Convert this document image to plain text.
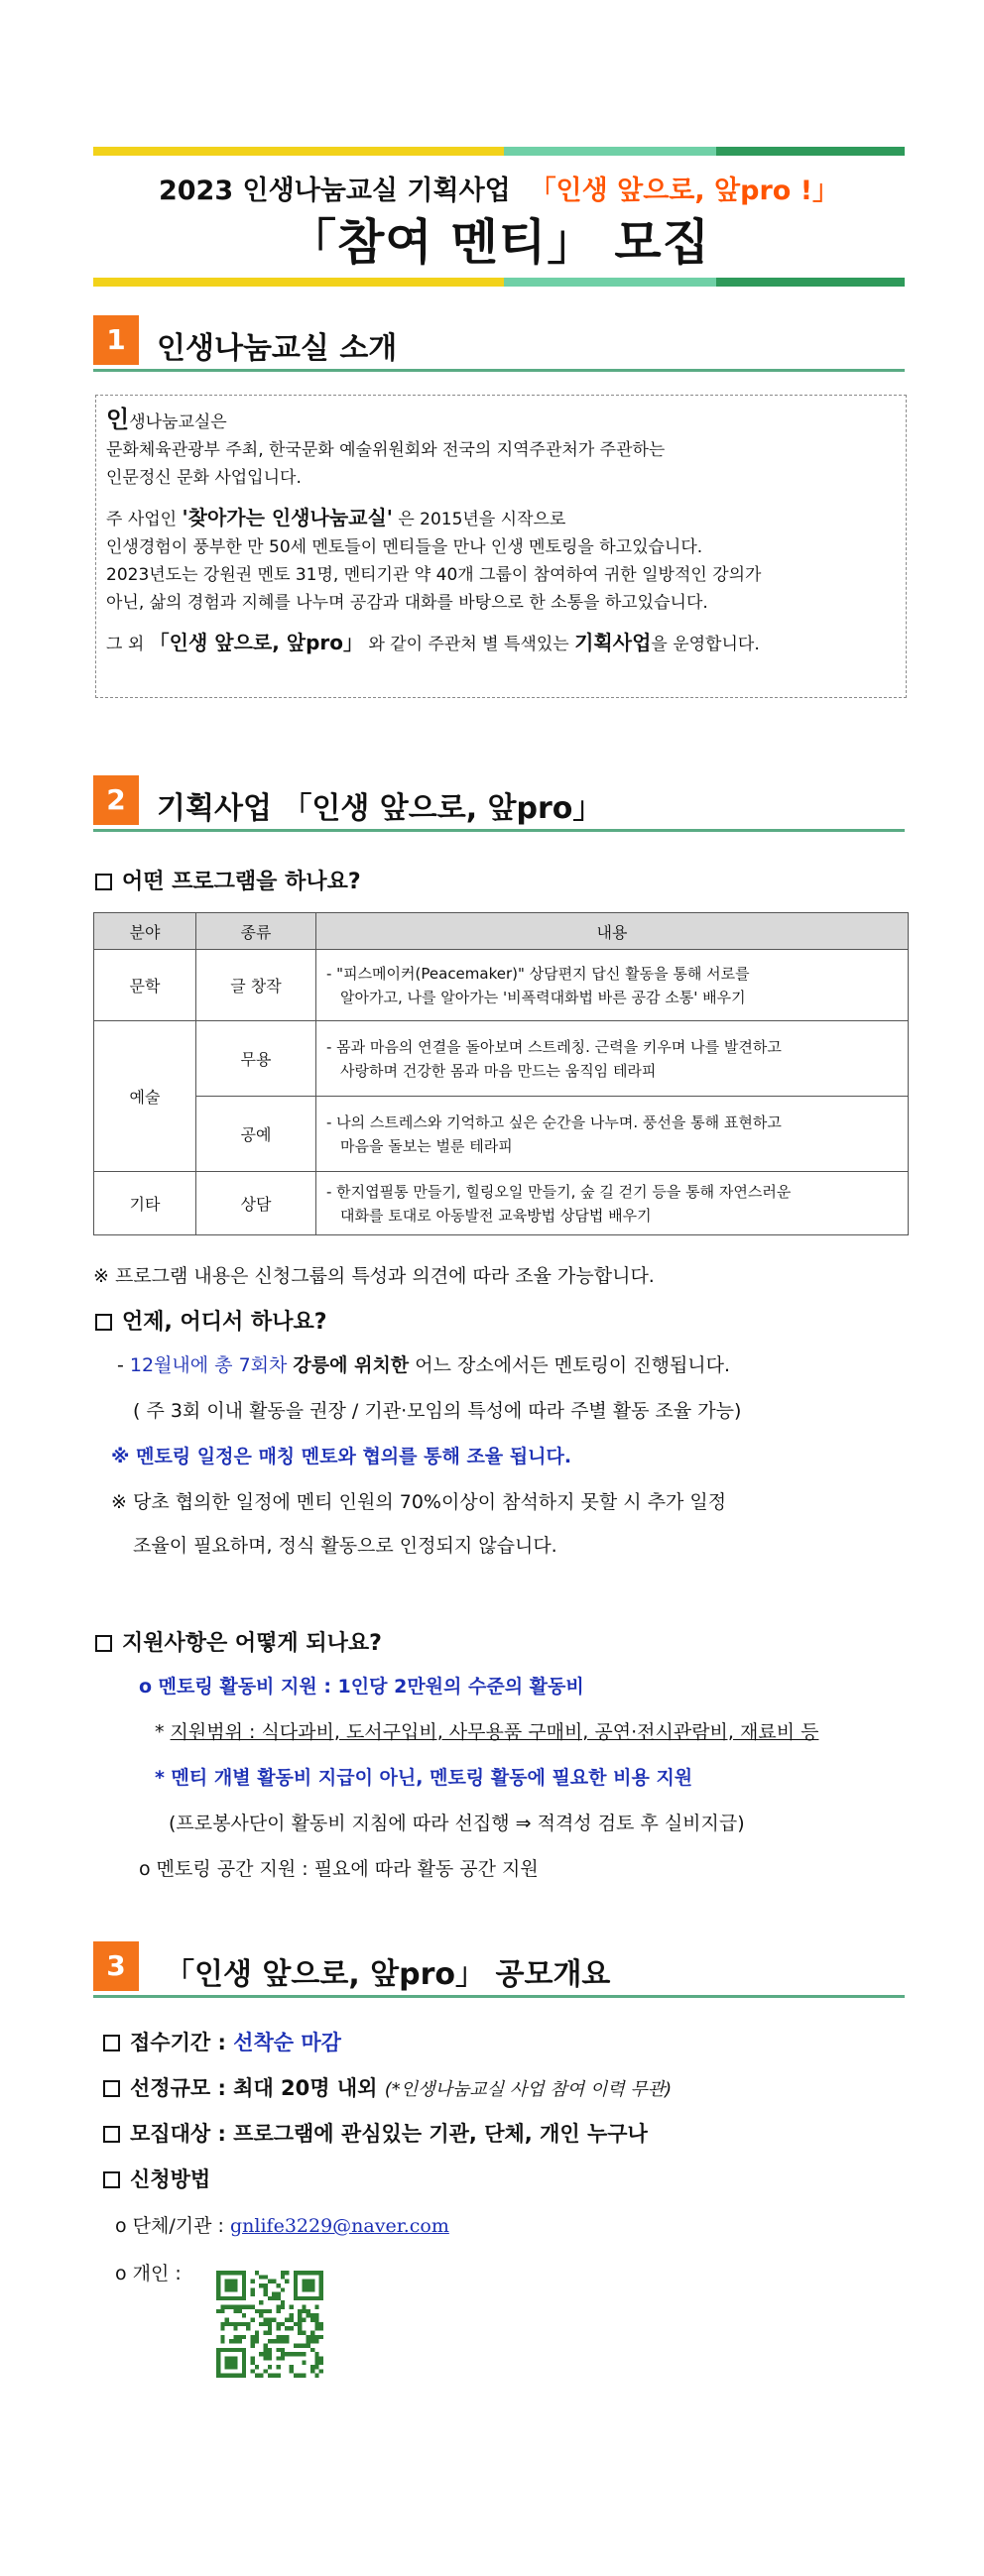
2023 인생나눔교실 기획사업 「인생 앞으로, 앞pro !」
「참여 멘티」 모집
1	인생나눔교실 소개

인생나눔교실은

문화체육관광부 주최, 한국문화 예술위원회와 전국의 지역주관처가 주관하는

인문정신 문화 사업입니다.

주 사업인 '찾아가는 인생나눔교실' 은 2015년을 시작으로

인생경험이 풍부한 만 50세 멘토들이 멘티들을 만나 인생 멘토링을 하고있습니다.

2023년도는 강원권 멘토 31명, 멘티기관 약 40개 그룹이 참여하여 귀한 일방적인 강의가

아닌, 삶의 경험과 지혜를 나누며 공감과 대화를 바탕으로 한 소통을 하고있습니다.

그 외 「인생 앞으로, 앞pro」 와 같이 주관처 별 특색있는 기획사업을 운영합니다.

2	기획사업 「인생 앞으로, 앞pro」
어떤 프로그램을 하나요?
분야	종류	내용
문학	글 창작	- "피스메이커(Peacemaker)" 상담편지 답신 활동을 통해 서로를
알아가고, 나를 알아가는 '비폭력대화법 바른 공감 소통' 배우기

예술	무용	- 몸과 마음의 연결을 돌아보며 스트레칭. 근력을 키우며 나를 발견하고
사랑하며 건강한 몸과 마음 만드는 움직임 테라피

	공예	- 나의 스트레스와 기억하고 싶은 순간을 나누며. 풍선을 통해 표현하고
마음을 돌보는 벌룬 테라피

기타	상담	- 한지엽필통 만들기, 힐링오일 만들기, 숲 길 걷기 등을 통해 자연스러운
대화를 토대로 아동발전 교육방법 상담법 배우기
※ 프로그램 내용은 신청그룹의 특성과 의견에 따라 조율 가능합니다.
언제, 어디서 하나요?
- 12월내에 총 7회차 강릉에 위치한 어느 장소에서든 멘토링이 진행됩니다.
( 주 3회 이내 활동을 권장 / 기관·모임의 특성에 따라 주별 활동 조율 가능)
※ 멘토링 일정은 매칭 멘토와 협의를 통해 조율 됩니다.
※ 당초 협의한 일정에 멘티 인원의 70%이상이 참석하지 못할 시 추가 일정
조율이 필요하며, 정식 활동으로 인정되지 않습니다.
지원사항은 어떻게 되나요?
o 멘토링 활동비 지원 : 1인당 2만원의 수준의 활동비
* 지원범위 : 식다과비, 도서구입비, 사무용품 구매비, 공연·전시관람비, 재료비 등
* 멘티 개별 활동비 지급이 아닌, 멘토링 활동에 필요한 비용 지원
(프로봉사단이 활동비 지침에 따라 선집행 ⇒ 적격성 검토 후 실비지급)
o 멘토링 공간 지원 : 필요에 따라 활동 공간 지원
3	「인생 앞으로, 앞pro」 공모개요
접수기간 : 선착순 마감
선정규모 : 최대 20명 내외 (*인생나눔교실 사업 참여 이력 무관)
모집대상 : 프로그램에 관심있는 기관, 단체, 개인 누구나
신청방법
o 단체/기관 : gnlife3229@naver.com
o 개인 :
